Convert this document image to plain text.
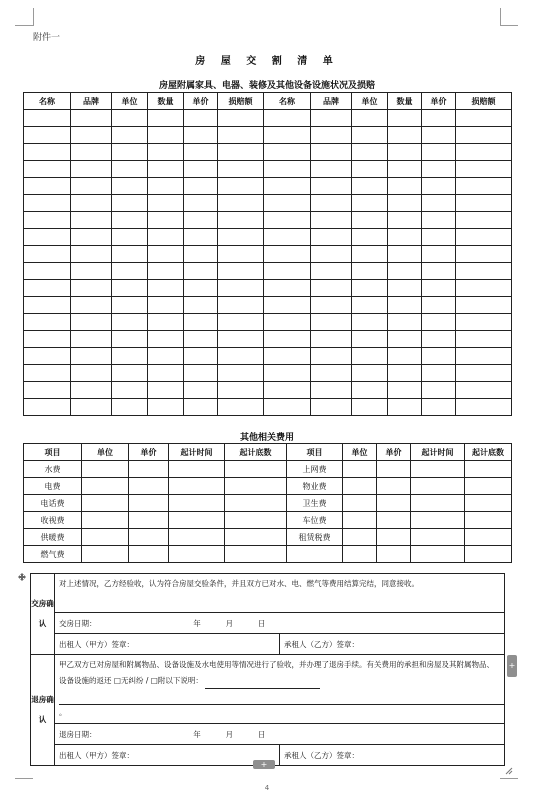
附件一
房 屋 交 割 清 单
房屋附属家具、电器、装修及其他设备设施状况及损赔
名称	品牌	单位	数量	单价	损赔额	名称	品牌	单位	数量	单价	损赔额

其他相关费用
项目	单位	单价	起计时间	起计底数	项目	单位	单价	起计时间	起计底数
水费					上网费				
电费					物业费				
电话费					卫生费				
收视费					车位费				
供暖费					租赁税费				
燃气费									
交房确认	对上述情况，乙方经验收，认为符合房屋交验条件，并且双方已对水、电、燃气等费用结算完结，同意接收。	
	交房日期： 年 月 日	
	出租人（甲方）签章：	承租人（乙方）签章：
退房确认	甲乙双方已对房屋和附属物品、设备设施及水电使用等情况进行了验收，并办理了退房手续。有关费用的承担和房屋及其附属物品、设备设施的返还 □无纠纷 / □附以下说明：
。	
	退房日期： 年 月 日	
	出租人（甲方）签章：	承租人（乙方）签章：
+
+
4
